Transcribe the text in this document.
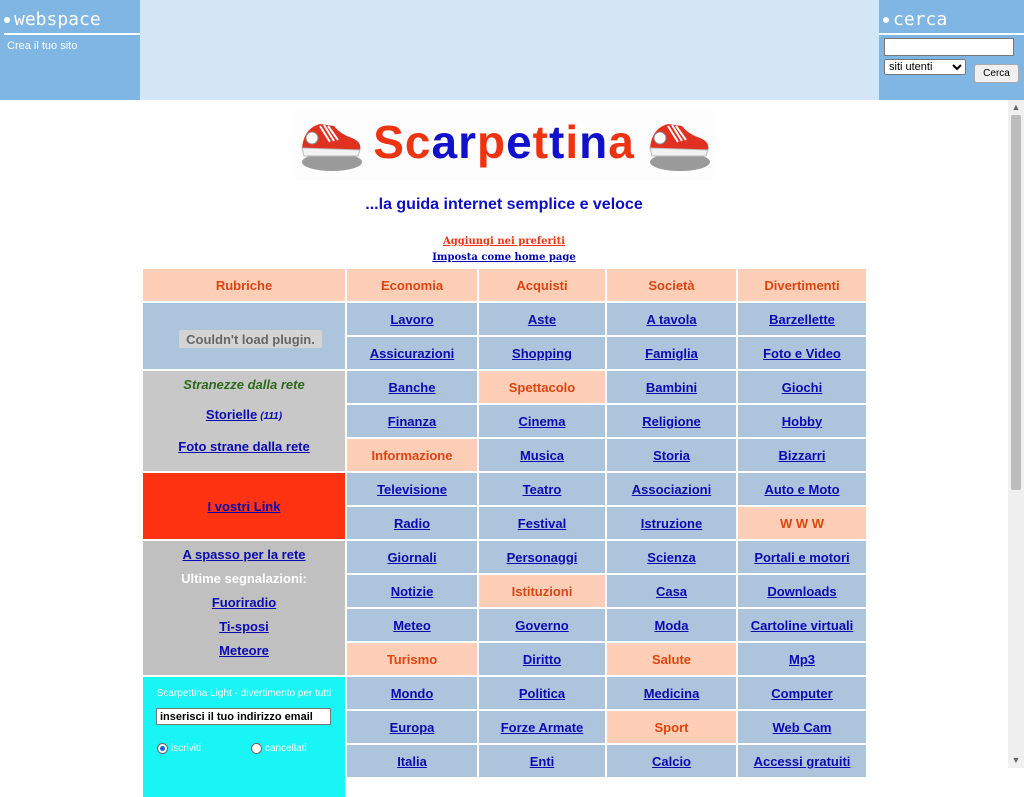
webspace
Crea il tuo sito
cerca
siti utenti
Cerca
▲
▼
Scarpettina
...la guida internet semplice e veloce
Aggiungi nei preferiti
Imposta come home page
Rubriche	Economia	Acquisti	Società	Divertimenti
Lavoro	Aste	A tavola	Barzellette
Assicurazioni	Shopping	Famiglia	Foto e Video
Banche	Spettacolo	Bambini	Giochi
Finanza	Cinema	Religione	Hobby
Informazione	Musica	Storia	Bizzarri
Televisione	Teatro	Associazioni	Auto e Moto
Radio	Festival	Istruzione	W W W
Giornali	Personaggi	Scienza	Portali e motori
Notizie	Istituzioni	Casa	Downloads
Meteo	Governo	Moda	Cartoline virtuali
Turismo	Diritto	Salute	Mp3
Mondo	Politica	Medicina	Computer
Europa	Forze Armate	Sport	Web Cam
Italia	Enti	Calcio	Accessi gratuiti
Couldn't load plugin.
Stranezze dalla rete
Storielle (111)
Foto strane dalla rete
I vostri Link
A spasso per la rete
Ultime segnalazioni:
Fuoriradio
Ti-sposi
Meteore
Scarpettina Light - divertimento per tutti
inserisci il tuo indirizzo email
iscriviti	cancellati
